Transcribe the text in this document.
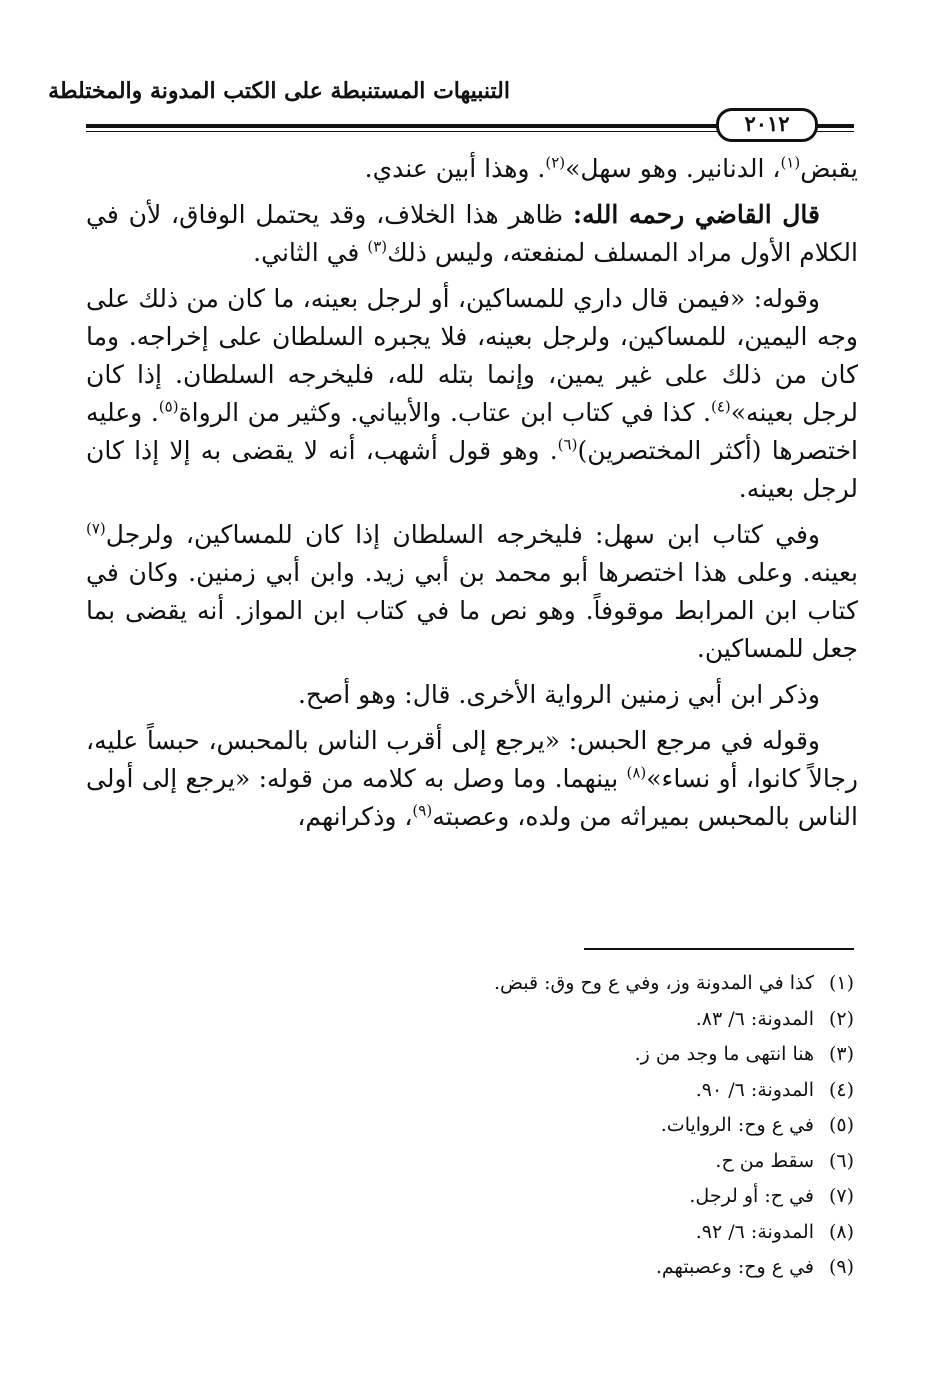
التنبيهات المستنبطة على الكتب المدونة والمختلطة
٢٠١٢

يقبض$^{(١)}$، الدنانير. وهو سهل»$^{(٢)}$. وهذا أبين عندي.

قال القاضي رحمه الله: ظاهر هذا الخلاف، وقد يحتمل الوفاق، لأن في الكلام الأول مراد المسلف لمنفعته، وليس ذلك$^{(٣)}$ في الثاني.

وقوله: «فيمن قال داري للمساكين، أو لرجل بعينه، ما كان من ذلك على وجه اليمين، للمساكين، ولرجل بعينه، فلا يجبره السلطان على إخراجه. وما كان من ذلك على غير يمين، وإنما بتله لله، فليخرجه السلطان. إذا كان لرجل بعينه»$^{(٤)}$. كذا في كتاب ابن عتاب. والأبياني. وكثير من الرواة$^{(٥)}$. وعليه اختصرها (أكثر المختصرين)$^{(٦)}$. وهو قول أشهب، أنه لا يقضى به إلا إذا كان لرجل بعينه.

وفي كتاب ابن سهل: فليخرجه السلطان إذا كان للمساكين، ولرجل$^{(٧)}$ بعينه. وعلى هذا اختصرها أبو محمد بن أبي زيد. وابن أبي زمنين. وكان في كتاب ابن المرابط موقوفاً. وهو نص ما في كتاب ابن المواز. أنه يقضى بما جعل للمساكين.

وذكر ابن أبي زمنين الرواية الأخرى. قال: وهو أصح.

وقوله في مرجع الحبس: «يرجع إلى أقرب الناس بالمحبس، حبساً عليه، رجالاً كانوا، أو نساء»$^{(٨)}$ بينهما. وما وصل به كلامه من قوله: «يرجع إلى أولى الناس بالمحبس بميراثه من ولده، وعصبته$^{(٩)}$، وذكرانهم،

(١)كذا في المدونة وز، وفي ع وح وق: قبض.
(٢)المدونة: ٦/ ٨٣.
(٣)هنا انتهى ما وجد من ز.
(٤)المدونة: ٦/ ٩٠.
(٥)في ع وح: الروايات.
(٦)سقط من ح.
(٧)في ح: أو لرجل.
(٨)المدونة: ٦/ ٩٢.
(٩)في ع وح: وعصبتهم.
